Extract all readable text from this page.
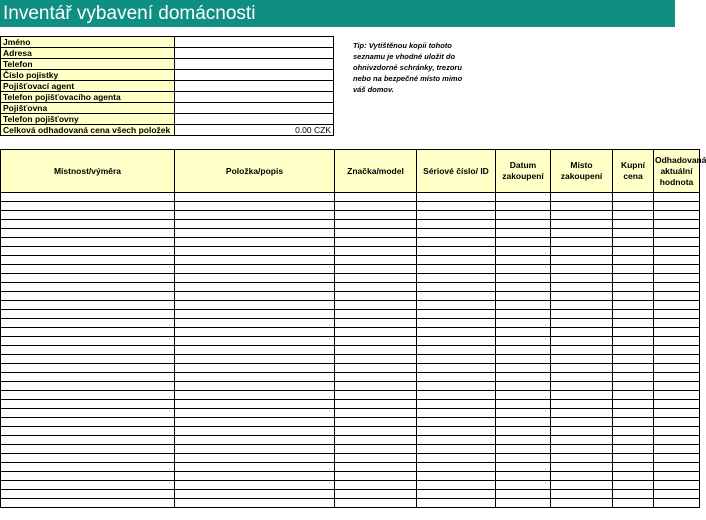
Inventář vybavení domácnosti
Jméno	
Adresa	
Telefon	
Číslo pojistky	
Pojišťovací agent	
Telefon pojišťovacího agenta	
Pojišťovna	
Telefon pojišťovny	
Celková odhadovaná cena všech položek	0.00 CZK
Tip: Vytištěnou kopii tohoto seznamu je vhodné uložit do ohnivzdorné schránky, trezoru nebo na bezpečné místo mimo váš domov.
Místnost/výměra	Položka/popis	Značka/model	Sériové číslo/ ID	Datum zakoupení	Místo zakoupení	Kupní cena	Odhadovaná aktuální hodnota
